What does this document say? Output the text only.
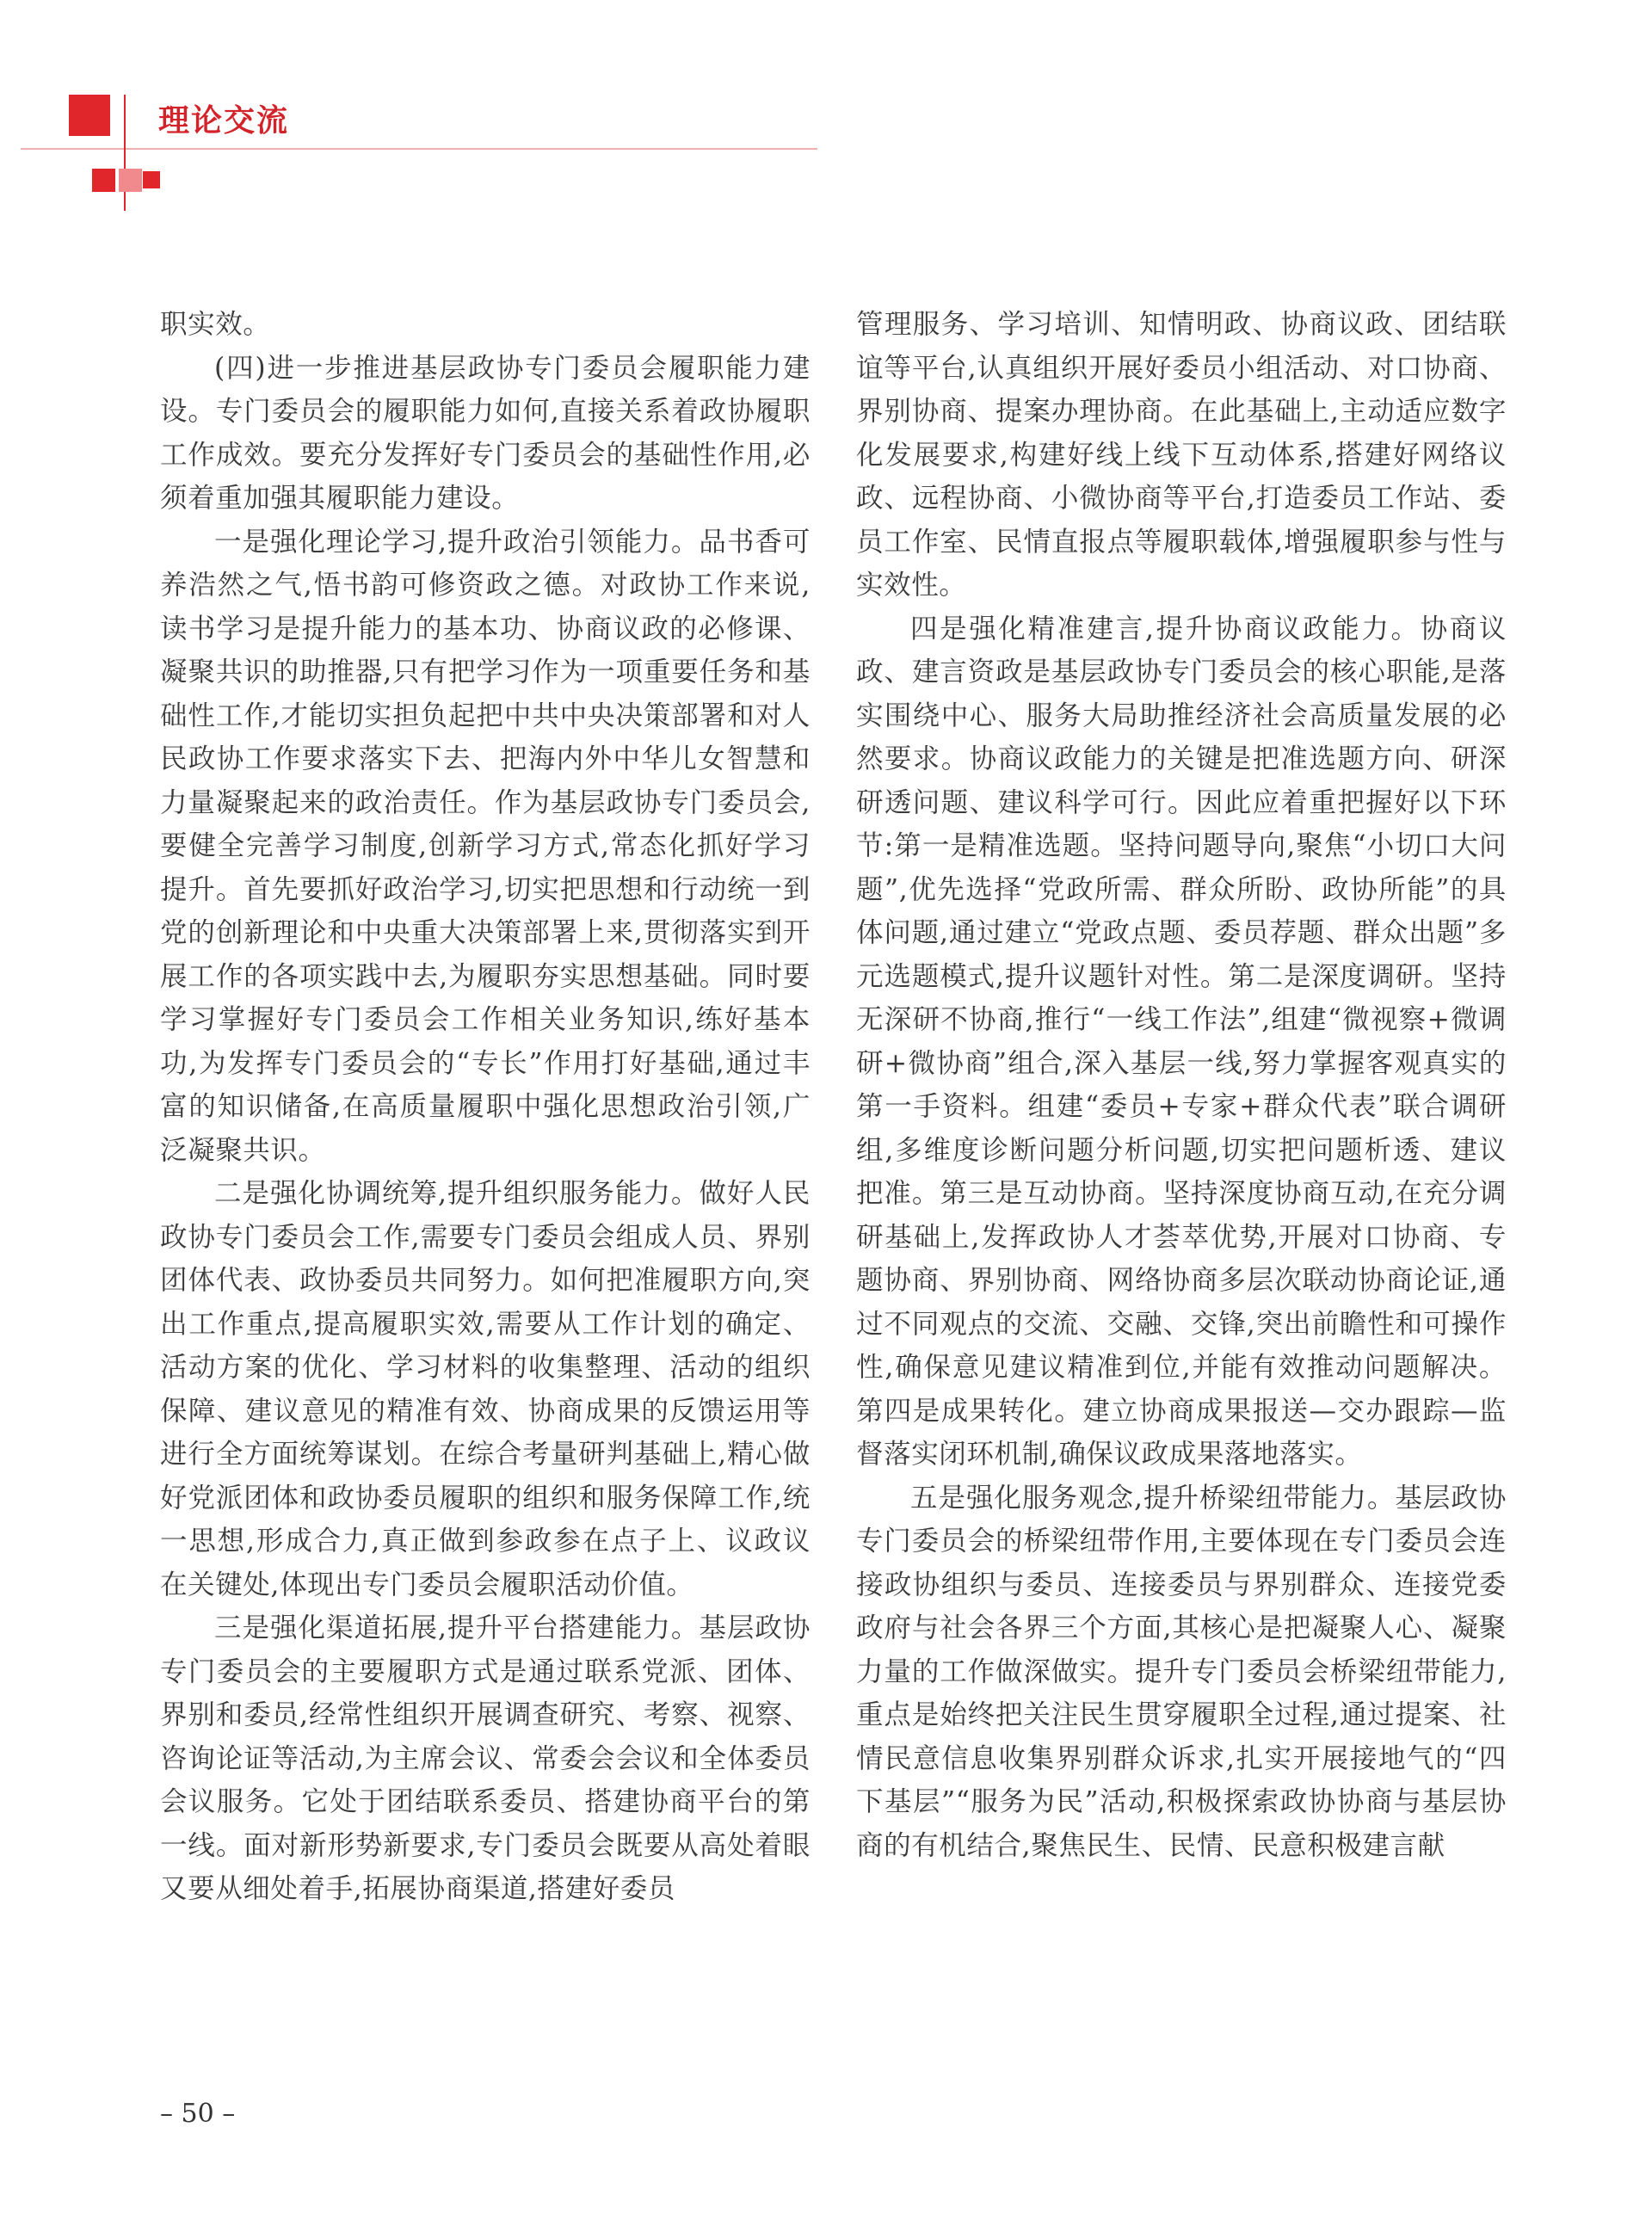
理论交流

职实效。

(四)进一步推进基层政协专门委员会履职能力建设。专门委员会的履职能力如何,直接关系着政协履职工作成效。要充分发挥好专门委员会的基础性作用,必须着重加强其履职能力建设。

一是强化理论学习,提升政治引领能力。品书香可养浩然之气,悟书韵可修资政之德。对政协工作来说,读书学习是提升能力的基本功、协商议政的必修课、凝聚共识的助推器,只有把学习作为一项重要任务和基础性工作,才能切实担负起把中共中央决策部署和对人民政协工作要求落实下去、把海内外中华儿女智慧和力量凝聚起来的政治责任。作为基层政协专门委员会,要健全完善学习制度,创新学习方式,常态化抓好学习提升。首先要抓好政治学习,切实把思想和行动统一到党的创新理论和中央重大决策部署上来,贯彻落实到开展工作的各项实践中去,为履职夯实思想基础。同时要学习掌握好专门委员会工作相关业务知识,练好基本功,为发挥专门委员会的“专长”作用打好基础,通过丰富的知识储备,在高质量履职中强化思想政治引领,广泛凝聚共识。

二是强化协调统筹,提升组织服务能力。做好人民政协专门委员会工作,需要专门委员会组成人员、界别团体代表、政协委员共同努力。如何把准履职方向,突出工作重点,提高履职实效,需要从工作计划的确定、活动方案的优化、学习材料的收集整理、活动的组织保障、建议意见的精准有效、协商成果的反馈运用等进行全方面统筹谋划。在综合考量研判基础上,精心做好党派团体和政协委员履职的组织和服务保障工作,统一思想,形成合力,真正做到参政参在点子上、议政议在关键处,体现出专门委员会履职活动价值。

三是强化渠道拓展,提升平台搭建能力。基层政协专门委员会的主要履职方式是通过联系党派、团体、界别和委员,经常性组织开展调查研究、考察、视察、咨询论证等活动,为主席会议、常委会会议和全体委员会议服务。它处于团结联系委员、搭建协商平台的第一线。面对新形势新要求,专门委员会既要从高处着眼又要从细处着手,拓展协商渠道,搭建好委员

管理服务、学习培训、知情明政、协商议政、团结联谊等平台,认真组织开展好委员小组活动、对口协商、界别协商、提案办理协商。在此基础上,主动适应数字化发展要求,构建好线上线下互动体系,搭建好网络议政、远程协商、小微协商等平台,打造委员工作站、委员工作室、民情直报点等履职载体,增强履职参与性与实效性。

四是强化精准建言,提升协商议政能力。协商议政、建言资政是基层政协专门委员会的核心职能,是落实围绕中心、服务大局助推经济社会高质量发展的必然要求。协商议政能力的关键是把准选题方向、研深研透问题、建议科学可行。因此应着重把握好以下环节:第一是精准选题。坚持问题导向,聚焦“小切口大问题”,优先选择“党政所需、群众所盼、政协所能”的具体问题,通过建立“党政点题、委员荐题、群众出题”多元选题模式,提升议题针对性。第二是深度调研。坚持无深研不协商,推行“一线工作法”,组建“微视察+微调研+微协商”组合,深入基层一线,努力掌握客观真实的第一手资料。组建“委员+专家+群众代表”联合调研组,多维度诊断问题分析问题,切实把问题析透、建议把准。第三是互动协商。坚持深度协商互动,在充分调研基础上,发挥政协人才荟萃优势,开展对口协商、专题协商、界别协商、网络协商多层次联动协商论证,通过不同观点的交流、交融、交锋,突出前瞻性和可操作性,确保意见建议精准到位,并能有效推动问题解决。第四是成果转化。建立协商成果报送—交办跟踪—监督落实闭环机制,确保议政成果落地落实。

五是强化服务观念,提升桥梁纽带能力。基层政协专门委员会的桥梁纽带作用,主要体现在专门委员会连接政协组织与委员、连接委员与界别群众、连接党委政府与社会各界三个方面,其核心是把凝聚人心、凝聚力量的工作做深做实。提升专门委员会桥梁纽带能力,重点是始终把关注民生贯穿履职全过程,通过提案、社情民意信息收集界别群众诉求,扎实开展接地气的“四下基层”“服务为民”活动,积极探索政协协商与基层协商的有机结合,聚焦民生、民情、民意积极建言献

– 50 –
